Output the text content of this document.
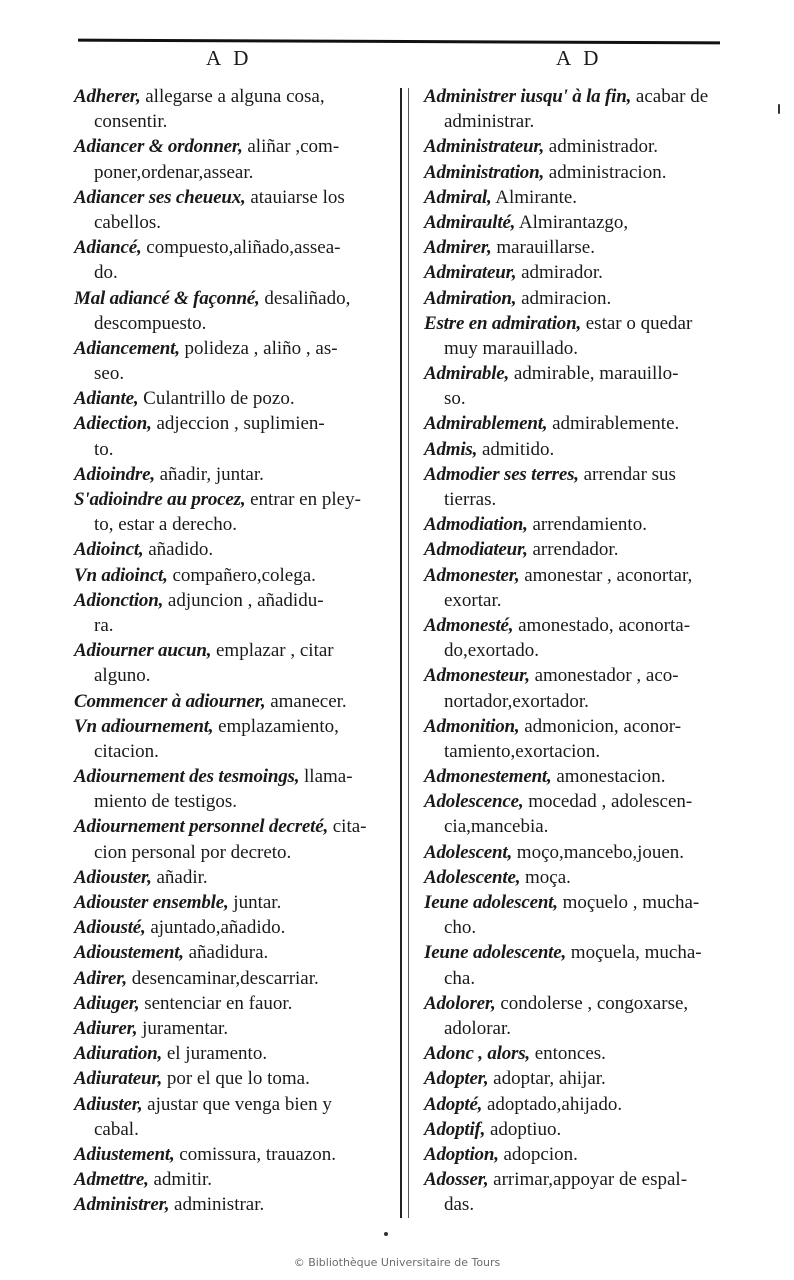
A D	A D
Adherer, allegarse a alguna cosa,
consentir.
Adiancer & ordonner, aliñar ,com-
poner,ordenar,assear.
Adiancer ses cheueux, atauiarse los
cabellos.
Adiancé, compuesto,aliñado,assea-
do.
Mal adiancé & façonné, desaliñado,
descompuesto.
Adiancement, polideza , aliño , as-
seo.
Adiante, Culantrillo de pozo.
Adiection, adjeccion , suplimien-
to.
Adioindre, añadir, juntar.
S'adioindre au procez, entrar en pley-
to, estar a derecho.
Adioinct, añadido.
Vn adioinct, compañero,colega.
Adionction, adjuncion , añadidu-
ra.
Adiourner aucun, emplazar , citar
alguno.
Commencer à adiourner, amanecer.
Vn adiournement, emplazamiento,
citacion.
Adiournement des tesmoings, llama-
miento de testigos.
Adiournement personnel decreté, cita-
cion personal por decreto.
Adiouster, añadir.
Adiouster ensemble, juntar.
Adiousté, ajuntado,añadido.
Adioustement, añadidura.
Adirer, desencaminar,descarriar.
Adiuger, sentenciar en fauor.
Adiurer, juramentar.
Adiuration, el juramento.
Adiurateur, por el que lo toma.
Adiuster, ajustar que venga bien y
cabal.
Adiustement, comissura, trauazon.
Admettre, admitir.
Administrer, administrar.
Administrer iusqu' à la fin, acabar de
administrar.
Administrateur, administrador.
Administration, administracion.
Admiral, Almirante.
Admiraulté, Almirantazgo,
Admirer, marauillarse.
Admirateur, admirador.
Admiration, admiracion.
Estre en admiration, estar o quedar
muy marauillado.
Admirable, admirable, marauillo-
so.
Admirablement, admirablemente.
Admis, admitido.
Admodier ses terres, arrendar sus
tierras.
Admodiation, arrendamiento.
Admodiateur, arrendador.
Admonester, amonestar , aconortar,
exortar.
Admonesté, amonestado, aconorta-
do,exortado.
Admonesteur, amonestador , aco-
nortador,exortador.
Admonition, admonicion, aconor-
tamiento,exortacion.
Admonestement, amonestacion.
Adolescence, mocedad , adolescen-
cia,mancebia.
Adolescent, moço,mancebo,jouen.
Adolescente, moça.
Ieune adolescent, moçuelo , mucha-
cho.
Ieune adolescente, moçuela, mucha-
cha.
Adolorer, condolerse , congoxarse,
adolorar.
Adonc , alors, entonces.
Adopter, adoptar, ahijar.
Adopté, adoptado,ahijado.
Adoptif, adoptiuo.
Adoption, adopcion.
Adosser, arrimar,appoyar de espal-
das.
© Bibliothèque Universitaire de Tours
